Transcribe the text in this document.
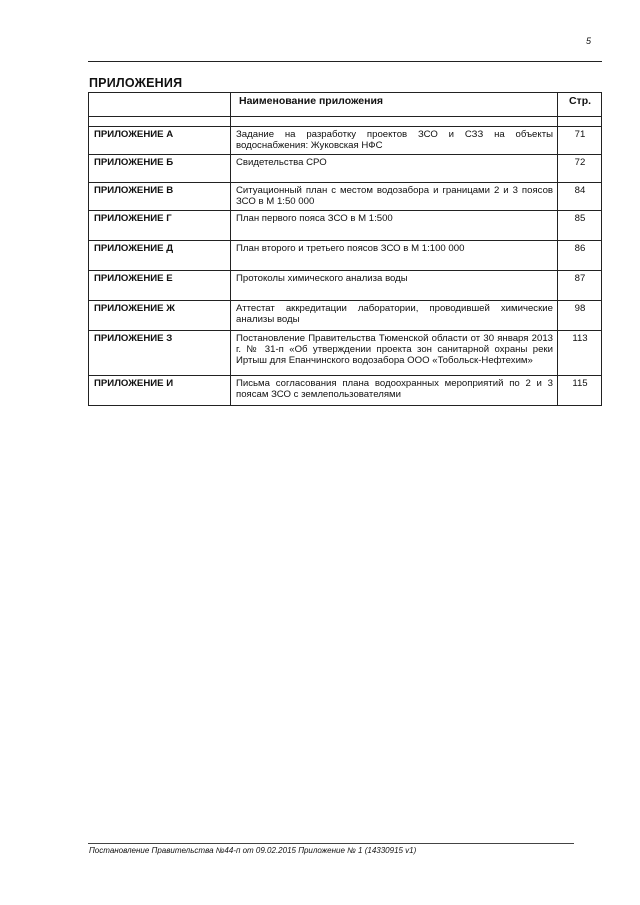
5
ПРИЛОЖЕНИЯ
	Наименование приложения	Стр.

ПРИЛОЖЕНИЕ А	Задание на разработку проектов ЗСО и СЗЗ на объекты водоснабжения: Жуковская НФС	71
ПРИЛОЖЕНИЕ Б	Свидетельства СРО	72
ПРИЛОЖЕНИЕ В	Ситуационный план с местом водозабора и границами 2 и 3 поясов ЗСО в М 1:50 000	84
ПРИЛОЖЕНИЕ Г	План первого пояса ЗСО в М 1:500	85
ПРИЛОЖЕНИЕ Д	План второго и третьего поясов ЗСО в М 1:100 000	86
ПРИЛОЖЕНИЕ Е	Протоколы химического анализа воды	87
ПРИЛОЖЕНИЕ Ж	Аттестат аккредитации лаборатории, проводившей химические анализы воды	98
ПРИЛОЖЕНИЕ З	Постановление Правительства Тюменской области от 30 января 2013 г. № 31-п «Об утверждении проекта зон санитарной охраны реки Иртыш для Епанчинского водозабора ООО «Тобольск-Нефтехим»	113
ПРИЛОЖЕНИЕ И	Письма согласования плана водоохранных мероприятий по 2 и 3 поясам ЗСО с землепользователями	115
Постановление Правительства №44-п от 09.02.2015 Приложение № 1 (14330915 v1)
